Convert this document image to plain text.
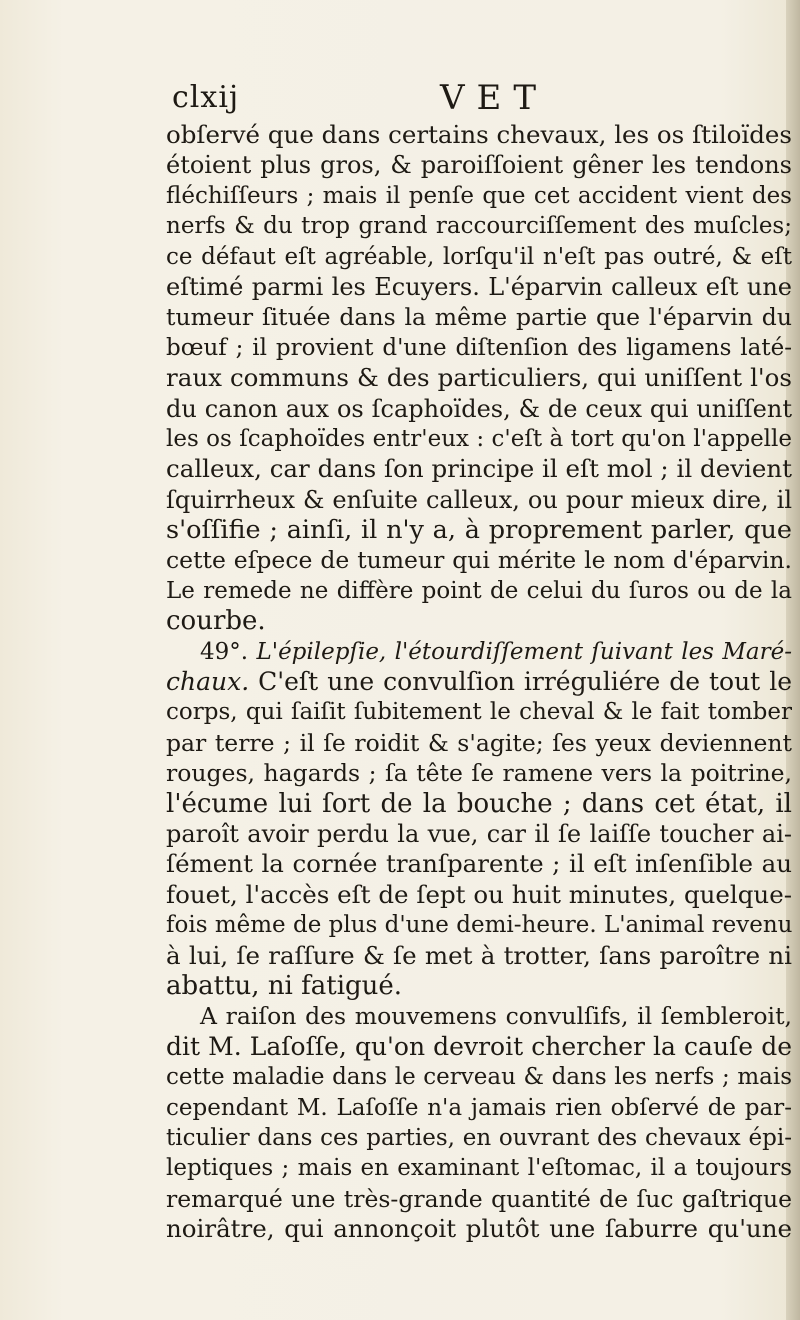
clxij	VET
obſervé que dans certains chevaux, les os ſtiloïdes
étoient plus gros, & paroiſſoient gêner les tendons
fléchiſſeurs ; mais il penſe que cet accident vient des
nerfs & du trop grand raccourciſſement des muſcles;
ce défaut eſt agréable, lorſqu'il n'eſt pas outré, & eſt
eſtimé parmi les Ecuyers. L'éparvin calleux eſt une
tumeur ſituée dans la même partie que l'éparvin du
bœuf ; il provient d'une diſtenſion des ligamens laté-
raux communs & des particuliers, qui uniſſent l'os
du canon aux os ſcaphoïdes, & de ceux qui uniſſent
les os ſcaphoïdes entr'eux : c'eſt à tort qu'on l'appelle
calleux, car dans ſon principe il eſt mol ; il devient
ſquirrheux & enſuite calleux, ou pour mieux dire, il
s'oſſifie ; ainſi, il n'y a, à proprement parler, que
cette eſpece de tumeur qui mérite le nom d'éparvin.
Le remede ne diffère point de celui du ſuros ou de la
courbe.
49°. L'épilepſie, l'étourdiſſement ſuivant les Maré-
chaux. C'eſt une convulſion irréguliére de tout le
corps, qui ſaiſit ſubitement le cheval & le fait tomber
par terre ; il ſe roidit & s'agite; ſes yeux deviennent
rouges, hagards ; ſa tête ſe ramene vers la poitrine,
l'écume lui ſort de la bouche ; dans cet état, il
paroît avoir perdu la vue, car il ſe laiſſe toucher ai-
ſément la cornée tranſparente ; il eſt inſenſible au
fouet, l'accès eſt de ſept ou huit minutes, quelque-
fois même de plus d'une demi-heure. L'animal revenu
à lui, ſe raſſure & ſe met à trotter, ſans paroître ni
abattu, ni fatigué.
A raiſon des mouvemens convulſifs, il ſembleroit,
dit M. Laſoſſe, qu'on devroit chercher la cauſe de
cette maladie dans le cerveau & dans les nerfs ; mais
cependant M. Laſoſſe n'a jamais rien obſervé de par-
ticulier dans ces parties, en ouvrant des chevaux épi-
leptiques ; mais en examinant l'eſtomac, il a toujours
remarqué une très-grande quantité de ſuc gaſtrique
noirâtre, qui annonçoit plutôt une ſaburre qu'une
